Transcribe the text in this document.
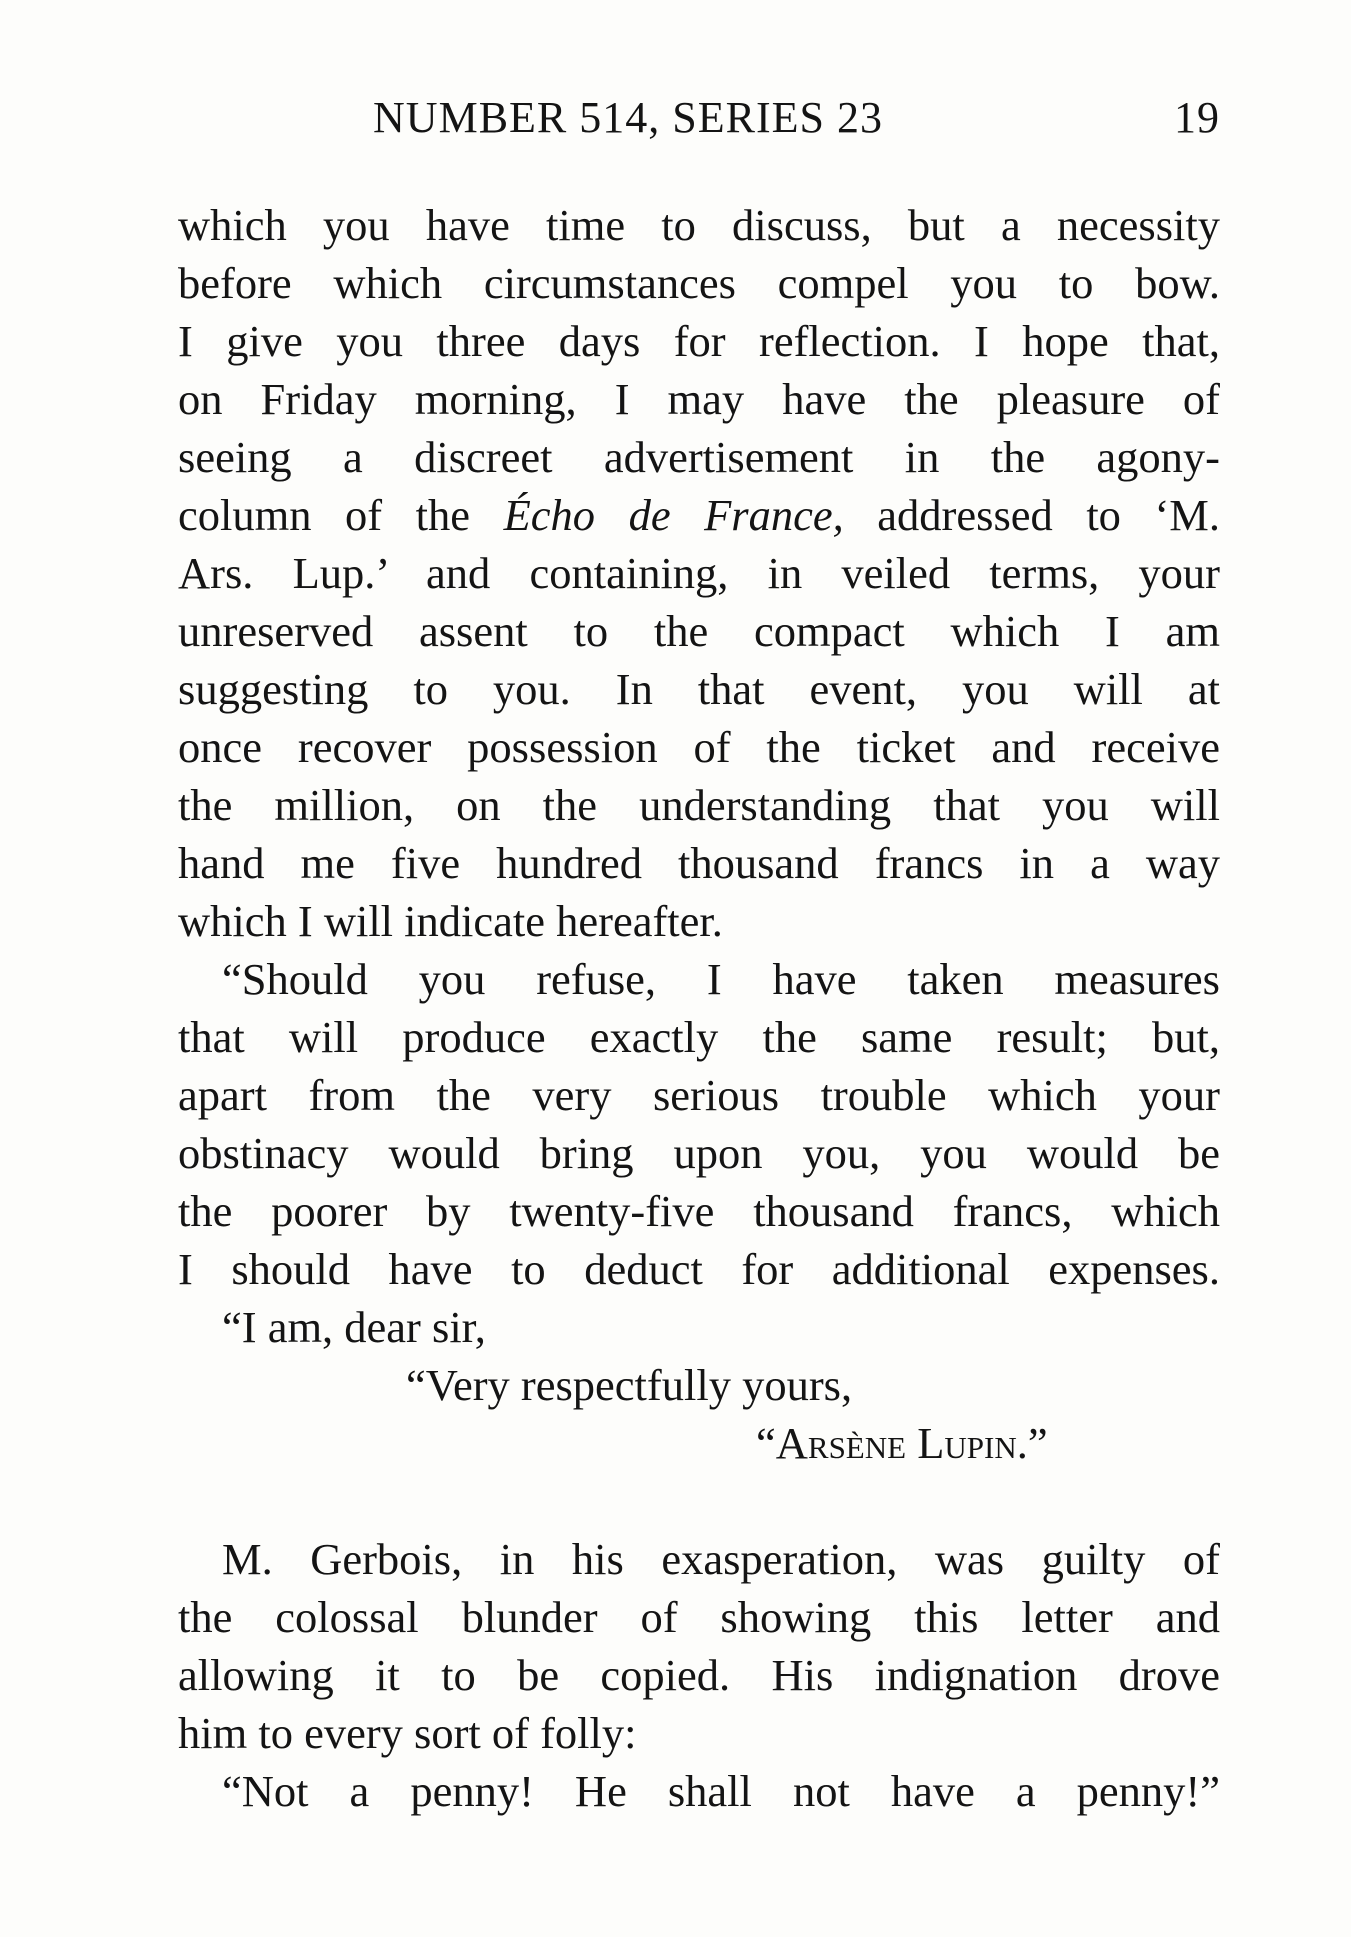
NUMBER 514, SERIES 23	19
which you have time to discuss, but a necessity
before which circumstances compel you to bow.
I give you three days for reflection. I hope that,
on Friday morning, I may have the pleasure of
seeing a discreet advertisement in the agony-
column of the Écho de France, addressed to ‘M.
Ars. Lup.’ and containing, in veiled terms, your
unreserved assent to the compact which I am
suggesting to you. In that event, you will at
once recover possession of the ticket and receive
the million, on the understanding that you will
hand me five hundred thousand francs in a way
which I will indicate hereafter.
“Should you refuse, I have taken measures
that will produce exactly the same result; but,
apart from the very serious trouble which your
obstinacy would bring upon you, you would be
the poorer by twenty-five thousand francs, which
I should have to deduct for additional expenses.
“I am, dear sir,
“Very respectfully yours,
“Arsène Lupin.”
M. Gerbois, in his exasperation, was guilty of
the colossal blunder of showing this letter and
allowing it to be copied. His indignation drove
him to every sort of folly:
“Not a penny! He shall not have a penny!”
